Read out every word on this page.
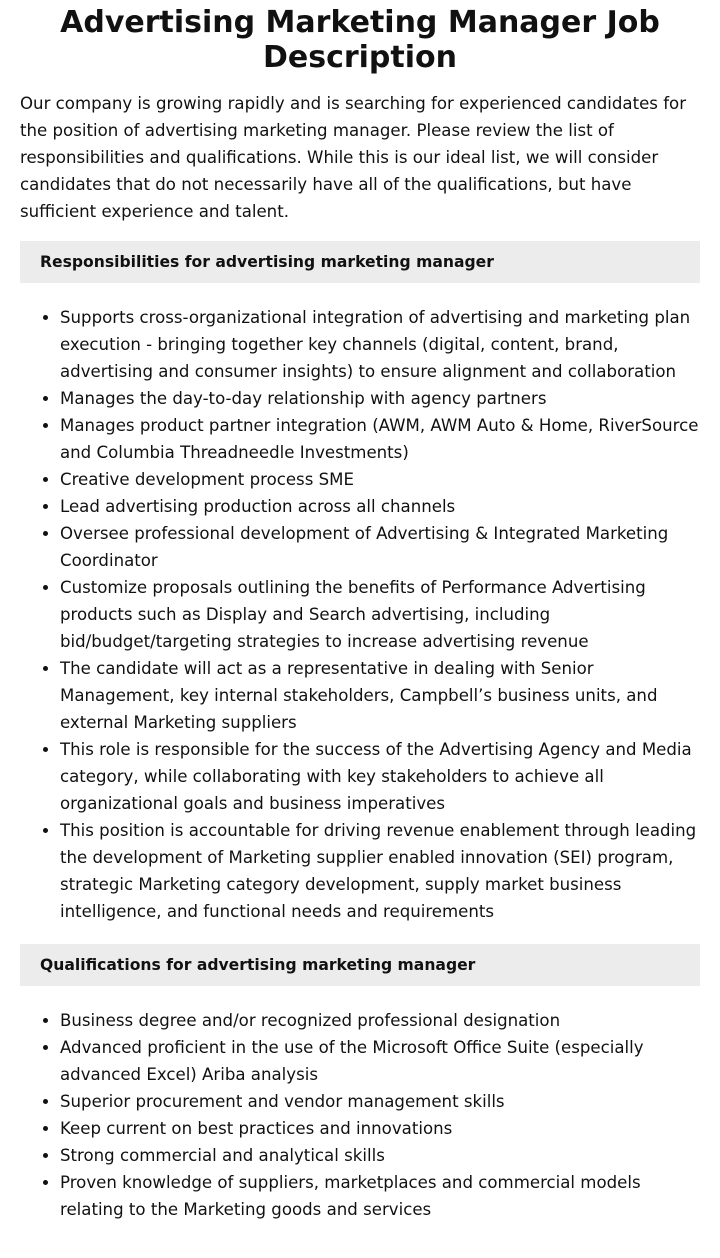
Advertising Marketing Manager Job Description

Our company is growing rapidly and is searching for experienced candidates for the position of advertising marketing manager. Please review the list of responsibilities and qualifications. While this is our ideal list, we will consider candidates that do not necessarily have all of the qualifications, but have sufficient experience and talent.

Responsibilities for advertising marketing manager
• Supports cross-organizational integration of advertising and marketing plan execution - bringing together key channels (digital, content, brand, advertising and consumer insights) to ensure alignment and collaboration
• Manages the day-to-day relationship with agency partners
• Manages product partner integration (AWM, AWM Auto & Home, RiverSource and Columbia Threadneedle Investments)
• Creative development process SME
• Lead advertising production across all channels
• Oversee professional development of Advertising & Integrated Marketing Coordinator
• Customize proposals outlining the benefits of Performance Advertising products such as Display and Search advertising, including bid/budget/targeting strategies to increase advertising revenue
• The candidate will act as a representative in dealing with Senior Management, key internal stakeholders, Campbell’s business units, and external Marketing suppliers
• This role is responsible for the success of the Advertising Agency and Media category, while collaborating with key stakeholders to achieve all organizational goals and business imperatives
• This position is accountable for driving revenue enablement through leading the development of Marketing supplier enabled innovation (SEI) program, strategic Marketing category development, supply market business intelligence, and functional needs and requirements
Qualifications for advertising marketing manager
• Business degree and/or recognized professional designation
• Advanced proficient in the use of the Microsoft Office Suite (especially advanced Excel) Ariba analysis
• Superior procurement and vendor management skills
• Keep current on best practices and innovations
• Strong commercial and analytical skills
• Proven knowledge of suppliers, marketplaces and commercial models relating to the Marketing goods and services
